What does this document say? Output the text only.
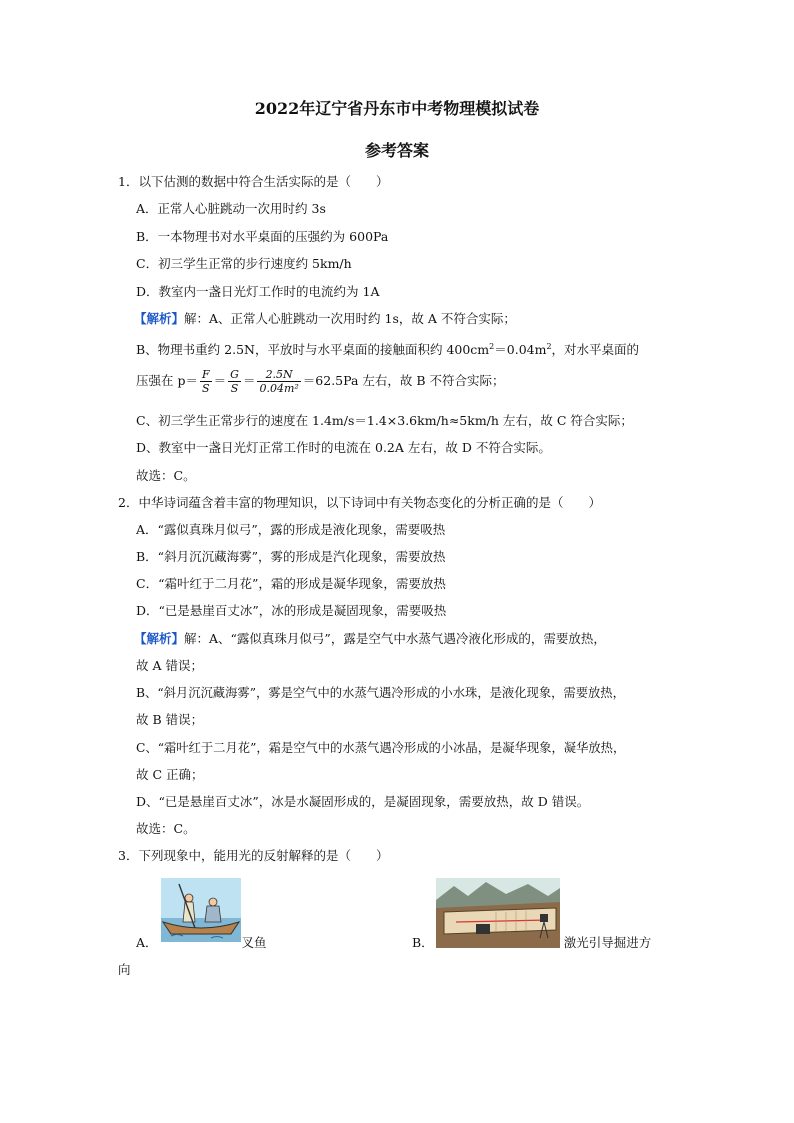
2022年辽宁省丹东市中考物理模拟试卷
参考答案
1．以下估测的数据中符合生活实际的是（　　）
A．正常人心脏跳动一次用时约 3s
B．一本物理书对水平桌面的压强约为 600Pa
C．初三学生正常的步行速度约 5km/h
D．教室内一盏日光灯工作时的电流约为 1A
【解析】解：A、正常人心脏跳动一次用时约 1s，故 A 不符合实际；
B、物理书重约 2.5N，平放时与水平桌面的接触面积约 $400cm^2=0.04m^2$，对水平桌面的
压强在 $p= \frac{F}{S} = \frac{G}{S} = \frac{2.5N}{\text{0.04m²}} =62.5Pa$ 左右，故 B 不符合实际；
C、初三学生正常步行的速度在 1.4m/s＝1.4×3.6km/h≈5km/h 左右，故 C 符合实际；
D、教室中一盏日光灯正常工作时的电流在 0.2A 左右，故 D 不符合实际。
故选：C。
2．中华诗词蕴含着丰富的物理知识，以下诗词中有关物态变化的分析正确的是（　　）
A．“露似真珠月似弓”，露的形成是液化现象，需要吸热
B．“斜月沉沉藏海雾”，雾的形成是汽化现象，需要放热
C．“霜叶红于二月花”，霜的形成是凝华现象，需要放热
D．“已是悬崖百丈冰”，冰的形成是凝固现象，需要吸热
【解析】解：A、“露似真珠月似弓”，露是空气中水蒸气遇冷液化形成的，需要放热，
故 A 错误；
B、“斜月沉沉藏海雾”，雾是空气中的水蒸气遇冷形成的小水珠，是液化现象，需要放热，
故 B 错误；
C、“霜叶红于二月花”，霜是空气中的水蒸气遇冷形成的小冰晶，是凝华现象，凝华放热，
故 C 正确；
D、“已是悬崖百丈冰”，冰是水凝固形成的，是凝固现象，需要放热，故 D 错误。
故选：C。
3．下列现象中，能用光的反射解释的是（　　）
A．	叉鱼	B．	激光引导掘进方
向
